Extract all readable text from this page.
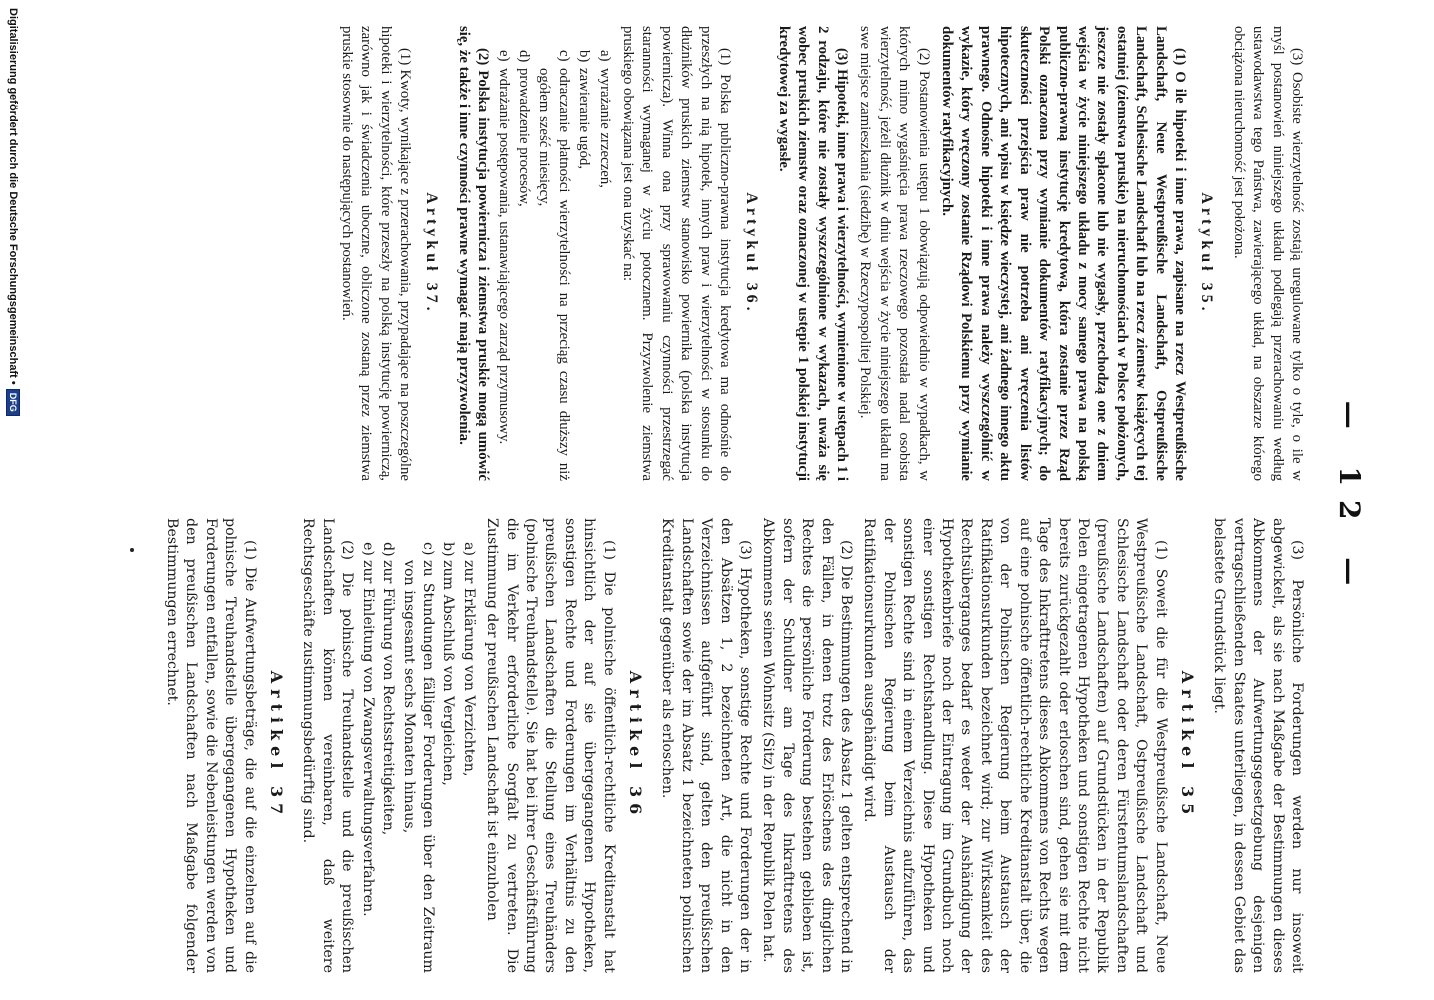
— 12 —

(3) Osobiste wierzytelność zostają uregulowane tylko o tyle, o ile w myśl postanowień niniejszego układu podlegają przerachowaniu według ustawodawstwa tego Państwa, zawierającego układ, na obszarze którego obciążona nieruchomość jest położona.

Artykuł 35.

(1) O ile hipoteki i inne prawa, zapisane na rzecz Westpreußische Landschaft, Neue Westpreußische Landschaft, Ostpreußische Landschaft, Schlesische Landschaft lub na rzecz ziemstw książęcych tej ostatniej (ziemstwa pruskie) na nieruchomościach w Polsce położonych, jeszcze nie zostały spłacone lub nie wygasły, przechodzą one z dniem wejścia w życie niniejszego układu z mocy samego prawa na polską publiczno-prawną instytucję kredytową, która zostanie przez Rząd Polski oznaczona przy wymianie dokumentów ratyfikacyjnych; do skuteczności przejścia praw nie potrzeba ani wręczenia listów hipotecznych, ani wpisu w księdze wieczystej, ani żadnego innego aktu prawnego. Odnośne hipoteki i inne prawa należy wyszczególnić w wykazie, który wręczony zostanie Rządowi Polskiemu przy wymianie dokumentów ratyfikacyjnych.

(2) Postanowienia ustępu 1 obowiązują odpowiednio w wypadkach, w których mimo wygaśnięcia prawa rzeczowego pozostała nadal osobista wierzytelność, jeżeli dłużnik w dniu wejścia w życie niniejszego układu ma swe miejsce zamieszkania (siedzibę) w Rzeczypospolitej Polskiej.

(3) Hipoteki, inne prawa i wierzytelności, wymienione w ustępach 1 i 2 rodzaju, które nie zostały wyszczególnione w wykazach, uważa się wobec pruskich ziemstw oraz oznaczonej w ustępie 1 polskiej instytucji kredytowej za wygasłe.

Artykuł 36.

(1) Polska publiczno-prawna instytucja kredytowa ma odnośnie do przeszłych na nią hipotek, innych praw i wierzytelności w stosunku do dłużników pruskich ziemstw stanowisko powiernika (polska instytucja powiernicza). Winna ona przy sprawowaniu czynności przestrzegać staranności wymaganej w życiu potocznem. Przyzwolenie ziemstwa pruskiego obowiązana jest ona uzyskać na:

a)wyrażanie zrzeczeń,
b)zawieranie ugód,
c)odraczanie płatności wierzytelności na przeciąg czasu dłuższy niż ogółem sześć miesięcy,
d)prowadzenie procesów,
e)wdrażanie postępowania, ustanawiającego zarząd przymusowy.

(2) Polska instytucja powiernicza i ziemstwa pruskie mogą umówić się, że także i inne czynności prawne wymagać mają przyzwolenia.

Artykuł 37.

(1) Kwoty, wynikające z przerachowania, przypadające na poszczególne hipoteki i wierzytelności, które przeszły na polską instytucję powierniczą, zarówno jak i świadczenia uboczne, obliczone zostaną przez ziemstwa pruskie stosownie do następujących postanowień.

(3) Persönliche Forderungen werden nur insoweit abgewickelt, als sie nach Maßgabe der Bestimmungen dieses Abkommens der Aufwertungsgesetzgebung desjenigen vertragschließenden Staates unterliegen, in dessen Gebiet das belastete Grundstück liegt.

Artikel 35

(1) Soweit die für die Westpreußische Landschaft, Neue Westpreußische Landschaft, Ostpreußische Landschaft und Schlesische Landschaft oder deren Fürstentumslandschaften (preußische Landschaften) auf Grundstücken in der Republik Polen eingetragenen Hypotheken und sonstigen Rechte nicht bereits zurückgezahlt oder erloschen sind, gehen sie mit dem Tage des Inkrafttretens dieses Abkommens von Rechts wegen auf eine polnische öffentlich-rechtliche Kreditanstalt über, die von der Polnischen Regierung beim Austausch der Ratifikationsurkunden bezeichnet wird; zur Wirksamkeit des Rechtsüberganges bedarf es weder der Aushändigung der Hypothekenbriefe noch der Eintragung im Grundbuch noch einer sonstigen Rechtshandlung. Diese Hypotheken und sonstigen Rechte sind in einem Verzeichnis aufzuführen, das der Polnischen Regierung beim Austausch der Ratifikationsurkunden ausgehändigt wird.

(2) Die Bestimmungen des Absatz 1 gelten entsprechend in den Fällen, in denen trotz des Erlöschens des dinglichen Rechtes die persönliche Forderung bestehen geblieben ist, sofern der Schuldner am Tage des Inkrafttretens des Abkommens seinen Wohnsitz (Sitz) in der Republik Polen hat.

(3) Hypotheken, sonstige Rechte und Forderungen der in den Absätzen 1, 2 bezeichneten Art, die nicht in den Verzeichnissen aufgeführt sind, gelten den preußischen Landschaften sowie der im Absatz 1 bezeichneten polnischen Kreditanstalt gegenüber als erloschen.

Artikel 36

(1) Die polnische öffentlich-rechtliche Kreditanstalt hat hinsichtlich der auf sie übergegangenen Hypotheken, sonstigen Rechte und Forderungen im Verhältnis zu den preußischen Landschaften die Stellung eines Treuhänders (polnische Treuhandstelle). Sie hat bei ihrer Geschäftsführung die im Verkehr erforderliche Sorgfalt zu vertreten. Die Zustimmung der preußischen Landschaft ist einzuholen

a)zur Erklärung von Verzichten,
b)zum Abschluß von Vergleichen,
c)zu Stundungen fälliger Forderungen über den Zeitraum von insgesamt sechs Monaten hinaus,
d)zur Führung von Rechtsstreitigkeiten,
e)zur Einleitung von Zwangsverwaltungsverfahren.

(2) Die polnische Treuhandstelle und die preußischen Landschaften können vereinbaren, daß weitere Rechtsgeschäfte zustimmungsbedürftig sind.

Artikel 37

(1) Die Aufwertungsbeträge, die auf die einzelnen auf die polnische Treuhandstelle übergegangenen Hypotheken und Forderungen entfallen, sowie die Nebenleistungen werden von den preußischen Landschaften nach Maßgabe folgender Bestimmungen errechnet.

Digitalisierung gefördert durch die Deutsche Forschungsgemeinschaft •
DFG
